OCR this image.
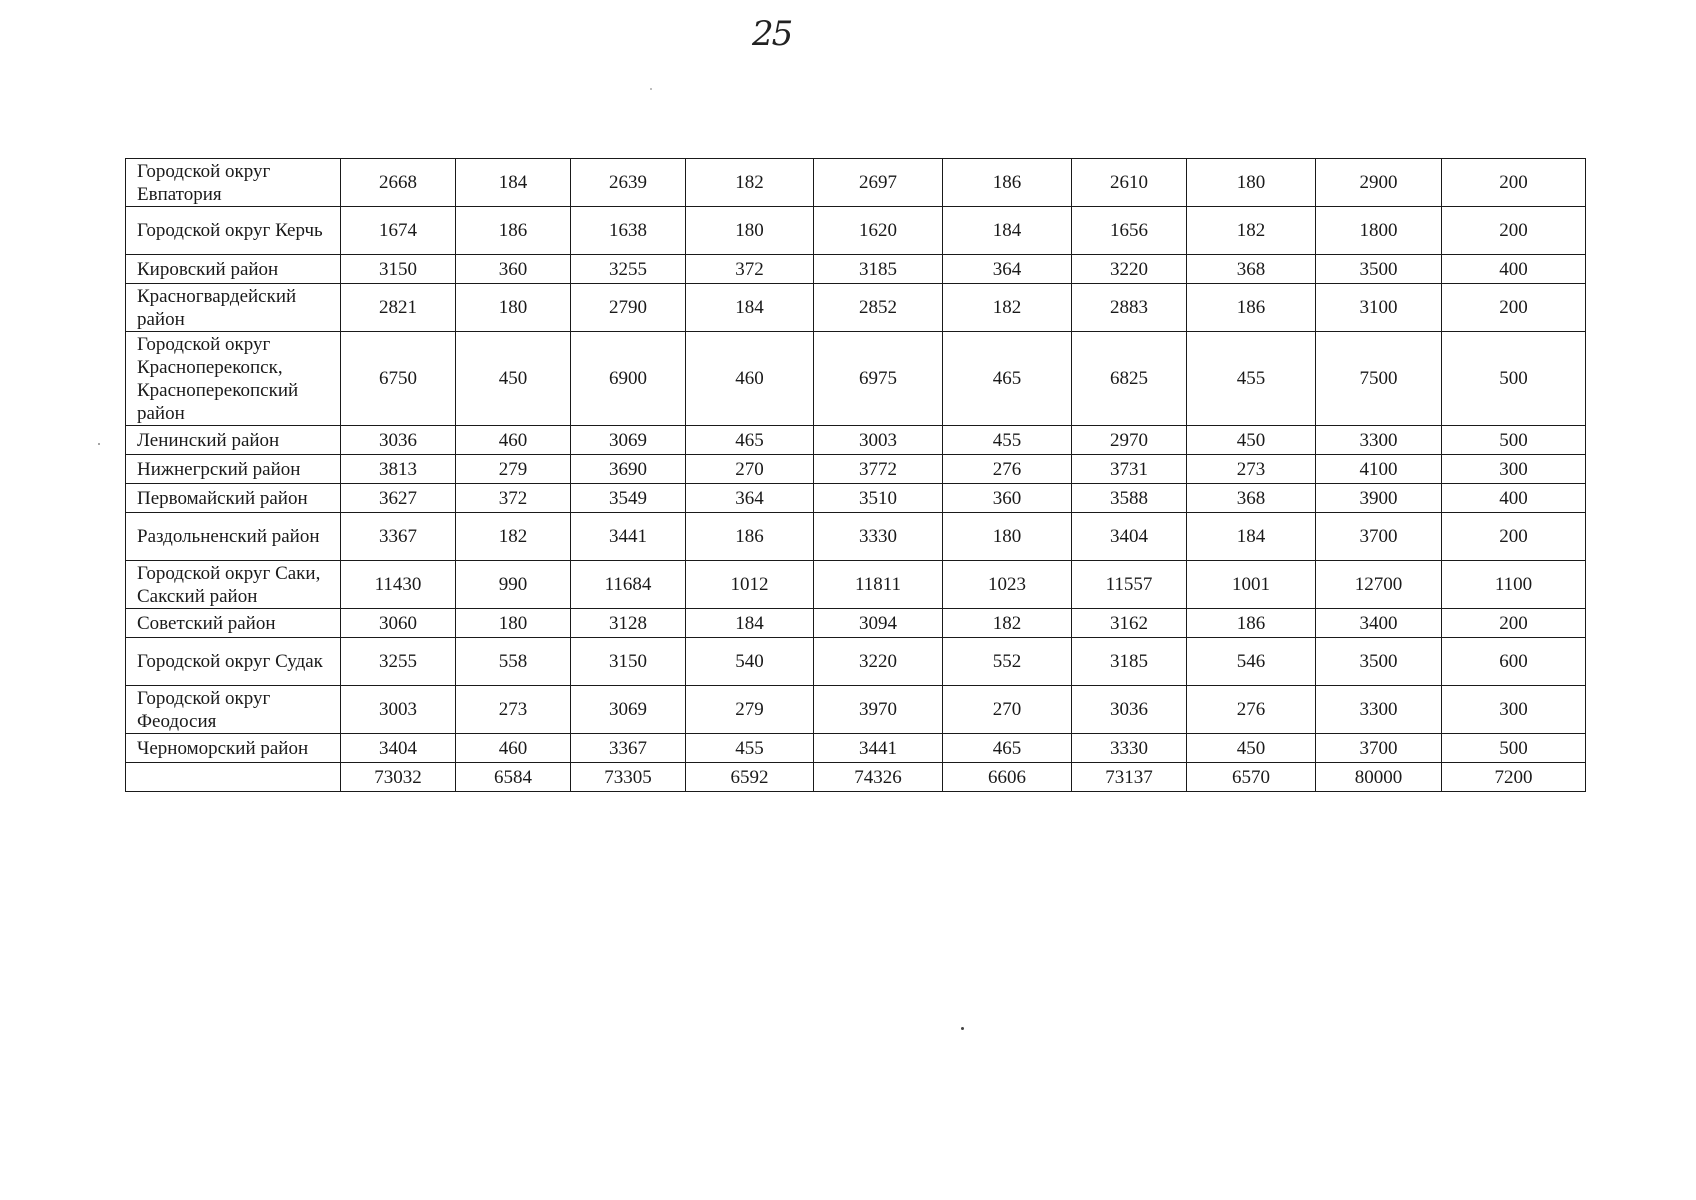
25
Городской округ Евпатория	2668	184	2639	182	2697	186	2610	180	2900	200
Городской округ Керчь	1674	186	1638	180	1620	184	1656	182	1800	200
Кировский район	3150	360	3255	372	3185	364	3220	368	3500	400
Красногвардейский район	2821	180	2790	184	2852	182	2883	186	3100	200
Городской округ Красноперекопск, Красноперекопский район	6750	450	6900	460	6975	465	6825	455	7500	500
Ленинский район	3036	460	3069	465	3003	455	2970	450	3300	500
Нижнегрский район	3813	279	3690	270	3772	276	3731	273	4100	300
Первомайский район	3627	372	3549	364	3510	360	3588	368	3900	400
Раздольненский район	3367	182	3441	186	3330	180	3404	184	3700	200
Городской округ Саки, Сакский район	11430	990	11684	1012	11811	1023	11557	1001	12700	1100
Советский район	3060	180	3128	184	3094	182	3162	186	3400	200
Городской округ Судак	3255	558	3150	540	3220	552	3185	546	3500	600
Городской округ Феодосия	3003	273	3069	279	3970	270	3036	276	3300	300
Черноморский район	3404	460	3367	455	3441	465	3330	450	3700	500
	73032	6584	73305	6592	74326	6606	73137	6570	80000	7200
